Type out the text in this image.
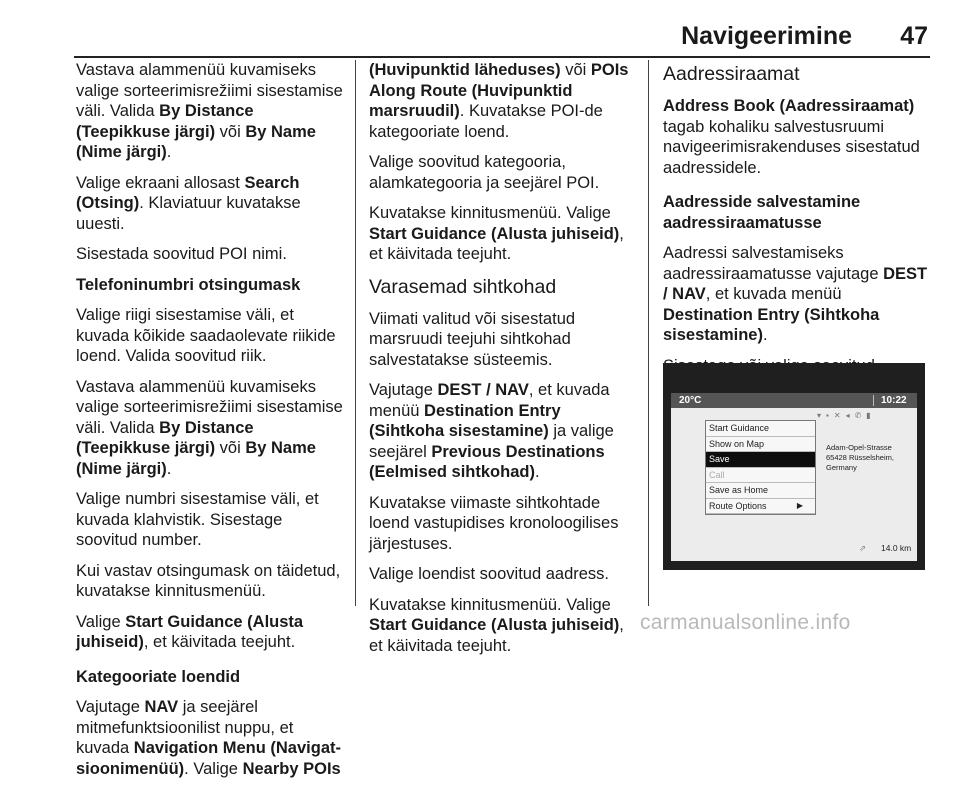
Navigeerimine 47

Vastava alammenüü kuvamiseks valige sorteerimisrežiimi sisestamise väli. Valida By Distance (Teepikkuse järgi) või By Name (Nime järgi).

Valige ekraani allosast Search (Otsing). Klaviatuur kuvatakse uuesti.

Sisestada soovitud POI nimi.

Telefoninumbri otsingumask

Valige riigi sisestamise väli, et kuvada kõikide saadaolevate riikide loend. Valida soovitud riik.

Vastava alammenüü kuvamiseks valige sorteerimisrežiimi sisestamise väli. Valida By Distance (Teepikkuse järgi) või By Name (Nime järgi).

Valige numbri sisestamise väli, et kuvada klahvistik. Sisestage soovitud number.

Kui vastav otsingumask on täidetud, kuvatakse kinnitusmenüü.

Valige Start Guidance (Alusta juhiseid), et käivitada teejuht.

Kategooriate loendid

Vajutage NAV ja seejärel mitmefunktsioonilist nuppu, et kuvada Navigation Menu (Navigat-sioonimenüü). Valige Nearby POIs

(Huvipunktid läheduses) või POIs Along Route (Huvipunktid marsruudil). Kuvatakse POI-de kategooriate loend.

Valige soovitud kategooria, alamkategooria ja seejärel POI.

Kuvatakse kinnitusmenüü. Valige Start Guidance (Alusta juhiseid), et käivitada teejuht.

Varasemad sihtkohad

Viimati valitud või sisestatud marsruudi teejuhi sihtkohad salvestatakse süsteemis.

Vajutage DEST / NAV, et kuvada menüü Destination Entry (Sihtkoha sisestamine) ja valige seejärel Previous Destinations (Eelmised sihtkohad).

Kuvatakse viimaste sihtkohtade loend vastupidises kronoloogilises järjestuses.

Valige loendist soovitud aadress.

Kuvatakse kinnitusmenüü. Valige Start Guidance (Alusta juhiseid), et käivitada teejuht.

Aadressiraamat

Address Book (Aadressiraamat) tagab kohaliku salvestusruumi navigeerimisrakenduses sisestatud aadressidele.

Aadresside salvestamine aadressiraamatusse

Aadressi salvestamiseks aadressiraamatusse vajutage DEST / NAV, et kuvada menüü Destination Entry (Sihtkoha sisestamine).

20°C	10:22
▾▪✕◂✆▮
Start Guidance
Show on Map
Save
Call
Save as Home
Route Options	▶
Adam-Opel-Strasse
65428 Rüsselsheim, Germany
⇗ 14.0 km
carmanualsonline.info
